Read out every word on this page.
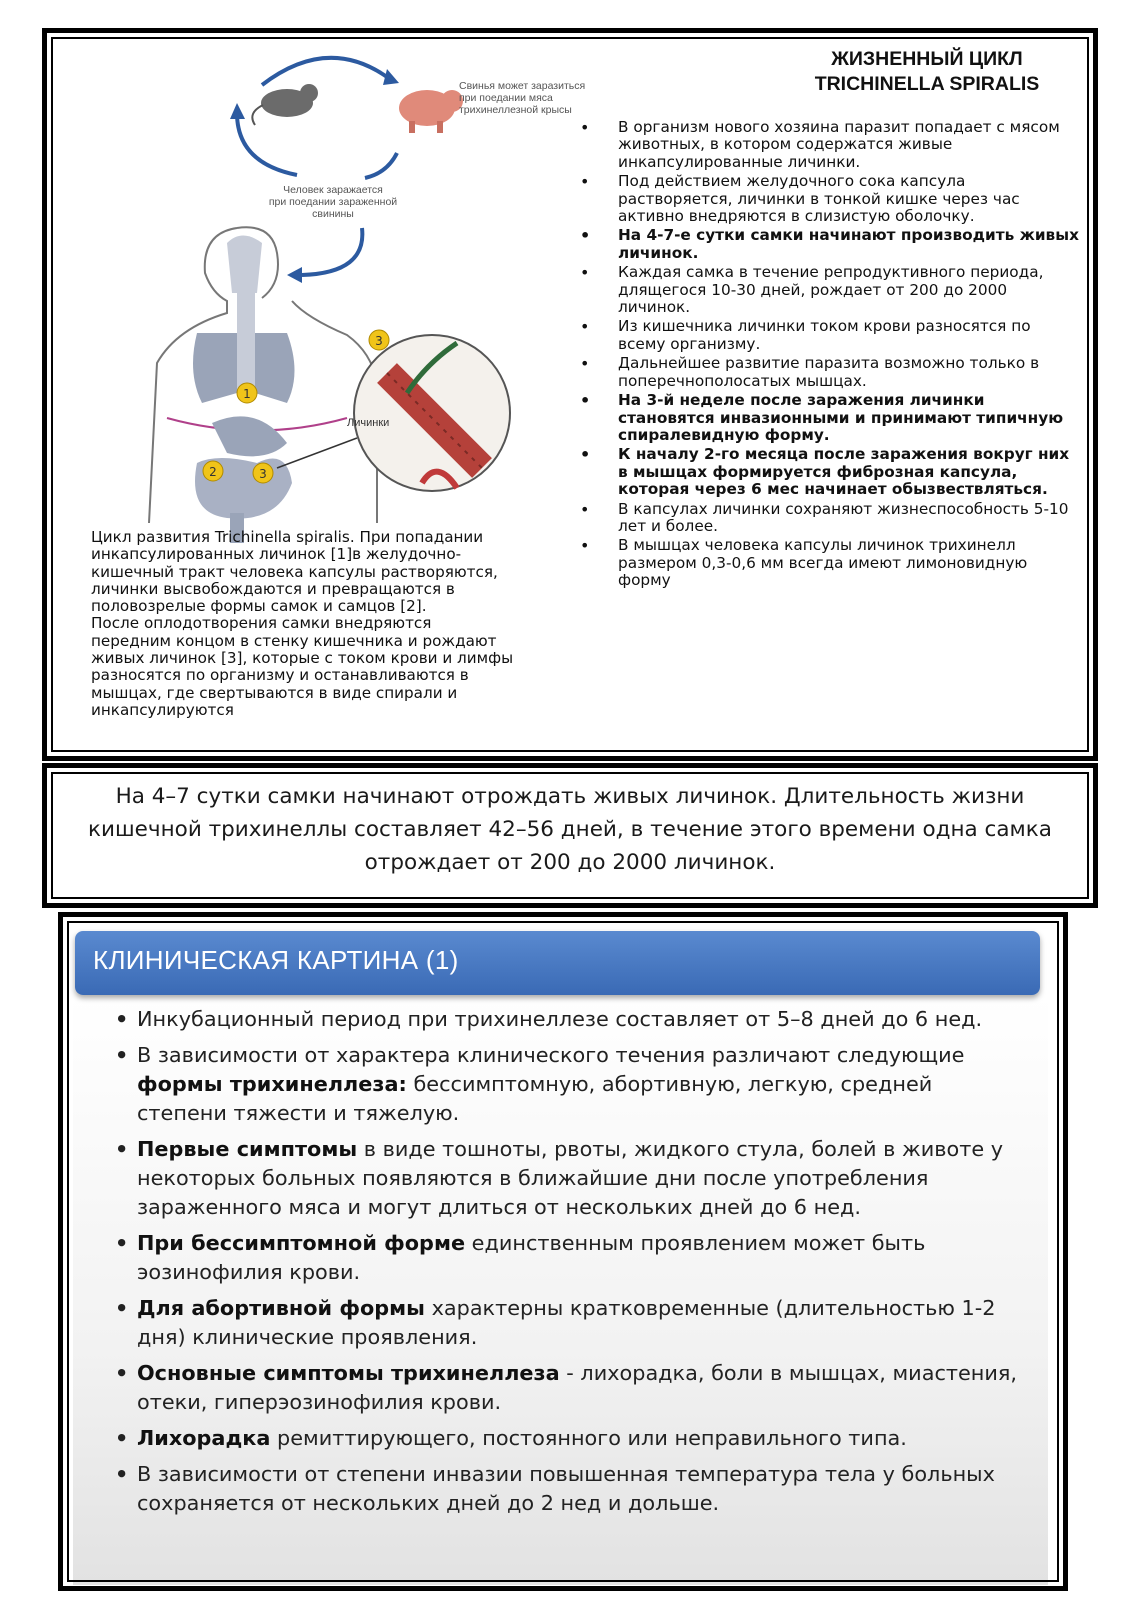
Свинья может заразиться
при поедании мяса
трихинеллезной крысы
Человек заражается
при поедании зараженной
свинины
1
2	3
3
Личинки
Цикл развития Trichinella spiralis. При попадании
инкапсулированных личинок [1]в желудочно-
кишечный тракт человека капсулы растворяются,
личинки высвобождаются и превращаются в
половозрелые формы самок и самцов [2].
После оплодотворения самки внедряются
передним концом в стенку кишечника и рождают
живых личинок [3], которые с током крови и лимфы
разносятся по организму и останавливаются в
мышцах, где свертываются в виде спирали и
инкапсулируются
ЖИЗНЕННЫЙ ЦИКЛ
TRICHINELLA SPIRALIS
• В организм нового хозяина паразит попадает с мясом животных, в котором содержатся живые инкапсулированные личинки.
• Под действием желудочного сока капсула растворяется, личинки в тонкой кишке через час активно внедряются в слизистую оболочку.
• На 4-7-е сутки самки начинают производить живых личинок.
• Каждая самка в течение репродуктивного периода, длящегося 10-30 дней, рождает от 200 до 2000 личинок.
• Из кишечника личинки током крови разносятся по всему организму.
• Дальнейшее развитие паразита возможно только в поперечнополосатых мышцах.
• На 3-й неделе после заражения личинки становятся инвазионными и принимают типичную спиралевидную форму.
• К началу 2-го месяца после заражения вокруг них в мышцах формируется фиброзная капсула, которая через 6 мес начинает обызвествляться.
• В капсулах личинки сохраняют жизнеспособность 5-10 лет и более.
• В мышцах человека капсулы личинок трихинелл размером 0,3-0,6 мм всегда имеют лимоновидную форму
На 4–7 сутки самки начинают отрождать живых личинок. Длительность жизни
кишечной трихинеллы составляет 42–56 дней, в течение этого времени одна самка
отрождает от 200 до 2000 личинок.
• Инкубационный период при трихинеллезе составляет от 5–8 дней до 6 нед.
• В зависимости от характера клинического течения различают следующие формы трихинеллеза: бессимптомную, абортивную, легкую, средней степени тяжести и тяжелую.
• Первые симптомы в виде тошноты, рвоты, жидкого стула, болей в животе у некоторых больных появляются в ближайшие дни после употребления зараженного мяса и могут длиться от нескольких дней до 6 нед.
• При бессимптомной форме единственным проявлением может быть эозинофилия крови.
• Для абортивной формы характерны кратковременные (длительностью 1-2 дня) клинические проявления.
• Основные симптомы трихинеллеза - лихорадка, боли в мышцах, миастения, отеки, гиперэозинофилия крови.
• Лихорадка ремиттирующего, постоянного или неправильного типа.
• В зависимости от степени инвазии повышенная температура тела у больных сохраняется от нескольких дней до 2 нед и дольше.
КЛИНИЧЕСКАЯ КАРТИНА (1)
